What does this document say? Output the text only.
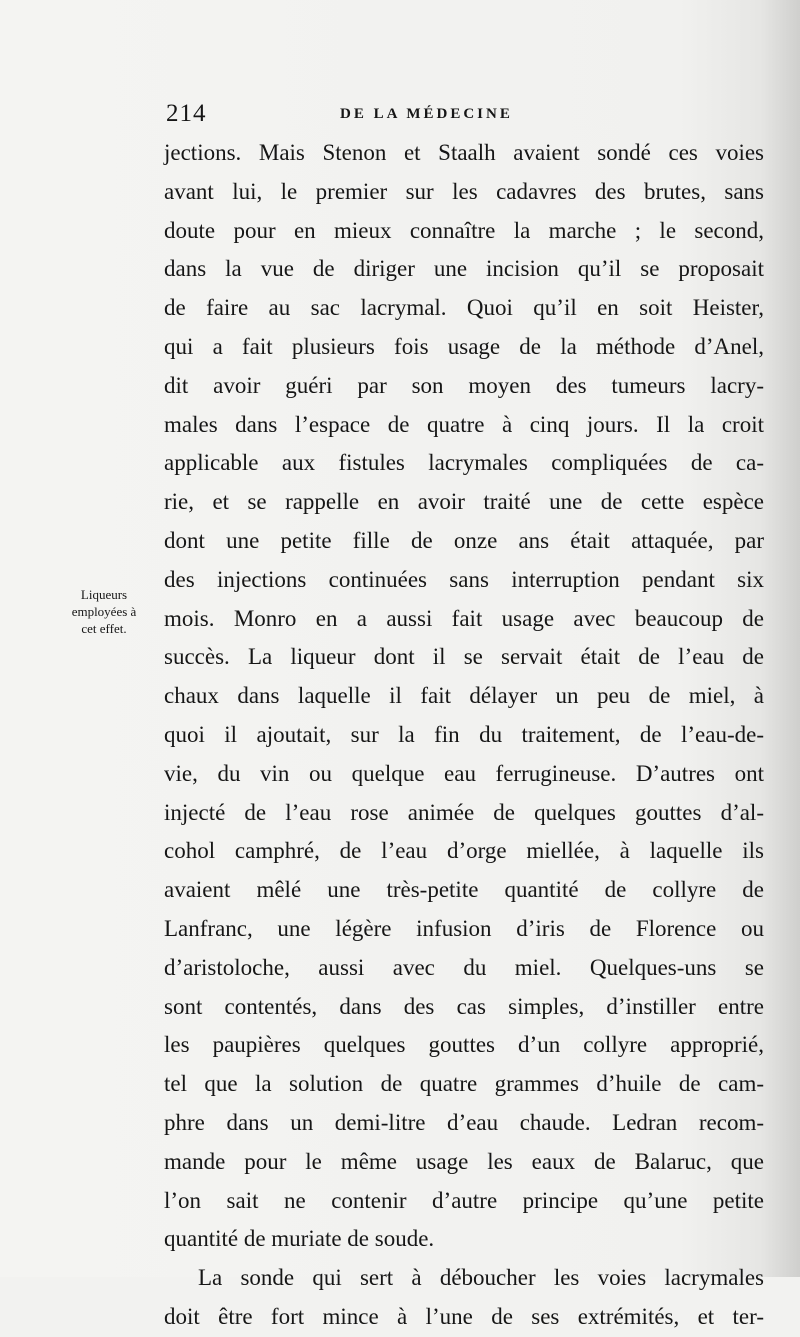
214	DE LA MÉDECINE
Liqueurs
employées à
cet effet.
jections. Mais Stenon et Staalh avaient sondé ces voies
avant lui, le premier sur les cadavres des brutes, sans
doute pour en mieux connaître la marche ; le second,
dans la vue de diriger une incision qu’il se proposait
de faire au sac lacrymal. Quoi qu’il en soit Heister,
qui a fait plusieurs fois usage de la méthode d’Anel,
dit avoir guéri par son moyen des tumeurs lacry-
males dans l’espace de quatre à cinq jours. Il la croit
applicable aux fistules lacrymales compliquées de ca-
rie, et se rappelle en avoir traité une de cette espèce
dont une petite fille de onze ans était attaquée, par
des injections continuées sans interruption pendant six
mois. Monro en a aussi fait usage avec beaucoup de
succès. La liqueur dont il se servait était de l’eau de
chaux dans laquelle il fait délayer un peu de miel, à
quoi il ajoutait, sur la fin du traitement, de l’eau-de-
vie, du vin ou quelque eau ferrugineuse. D’autres ont
injecté de l’eau rose animée de quelques gouttes d’al-
cohol camphré, de l’eau d’orge miellée, à laquelle ils
avaient mêlé une très-petite quantité de collyre de
Lanfranc, une légère infusion d’iris de Florence ou
d’aristoloche, aussi avec du miel. Quelques-uns se
sont contentés, dans des cas simples, d’instiller entre
les paupières quelques gouttes d’un collyre approprié,
tel que la solution de quatre grammes d’huile de cam-
phre dans un demi-litre d’eau chaude. Ledran recom-
mande pour le même usage les eaux de Balaruc, que
l’on sait ne contenir d’autre principe qu’une petite
quantité de muriate de soude.
La sonde qui sert à déboucher les voies lacrymales
doit être fort mince à l’une de ses extrémités, et ter-
